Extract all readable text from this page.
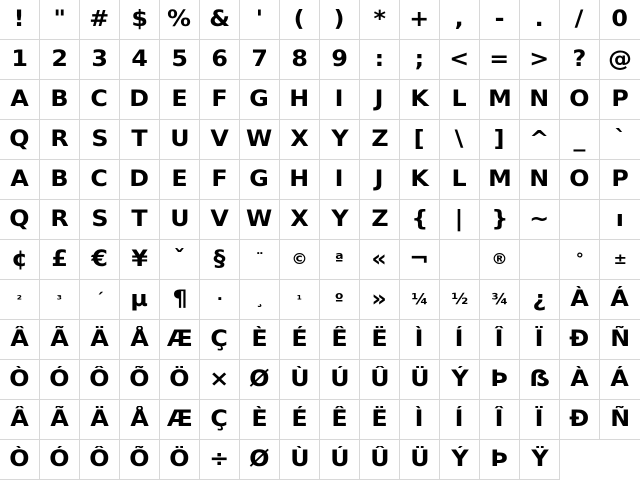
! " # $ % & ' ( ) * + , - . / 0
1 2 3 4 5 6 7 8 9 : ; < = > ? @
A B C D E F G H I J K L M N O P
Q R S T U V W X Y Z [ \ ] ^ _ `
A B C D E F G H I J K L M N O P
Q R S T U V W X Y Z { | } ~	ı
¢ £ € ¥ ˇ § ¨ © ª « ¬	®	° ±
²	³ ´ µ ¶ · ¸	¹ º » ¼ ½ ¾ ¿ À Á
Â Ã Ä Å Æ Ç È É Ê Ë Ì Í Î Ï Ð Ñ
Ò Ó Ô Õ Ö × Ø Ù Ú Û Ü Ý Þ ẞ À Á
Â Ã Ä Å Æ Ç È É Ê Ë Ì Í Î Ï Ð Ñ
Ò Ó Ô Õ Ö ÷ Ø Ù Ú Û Ü Ý Þ Ÿ
